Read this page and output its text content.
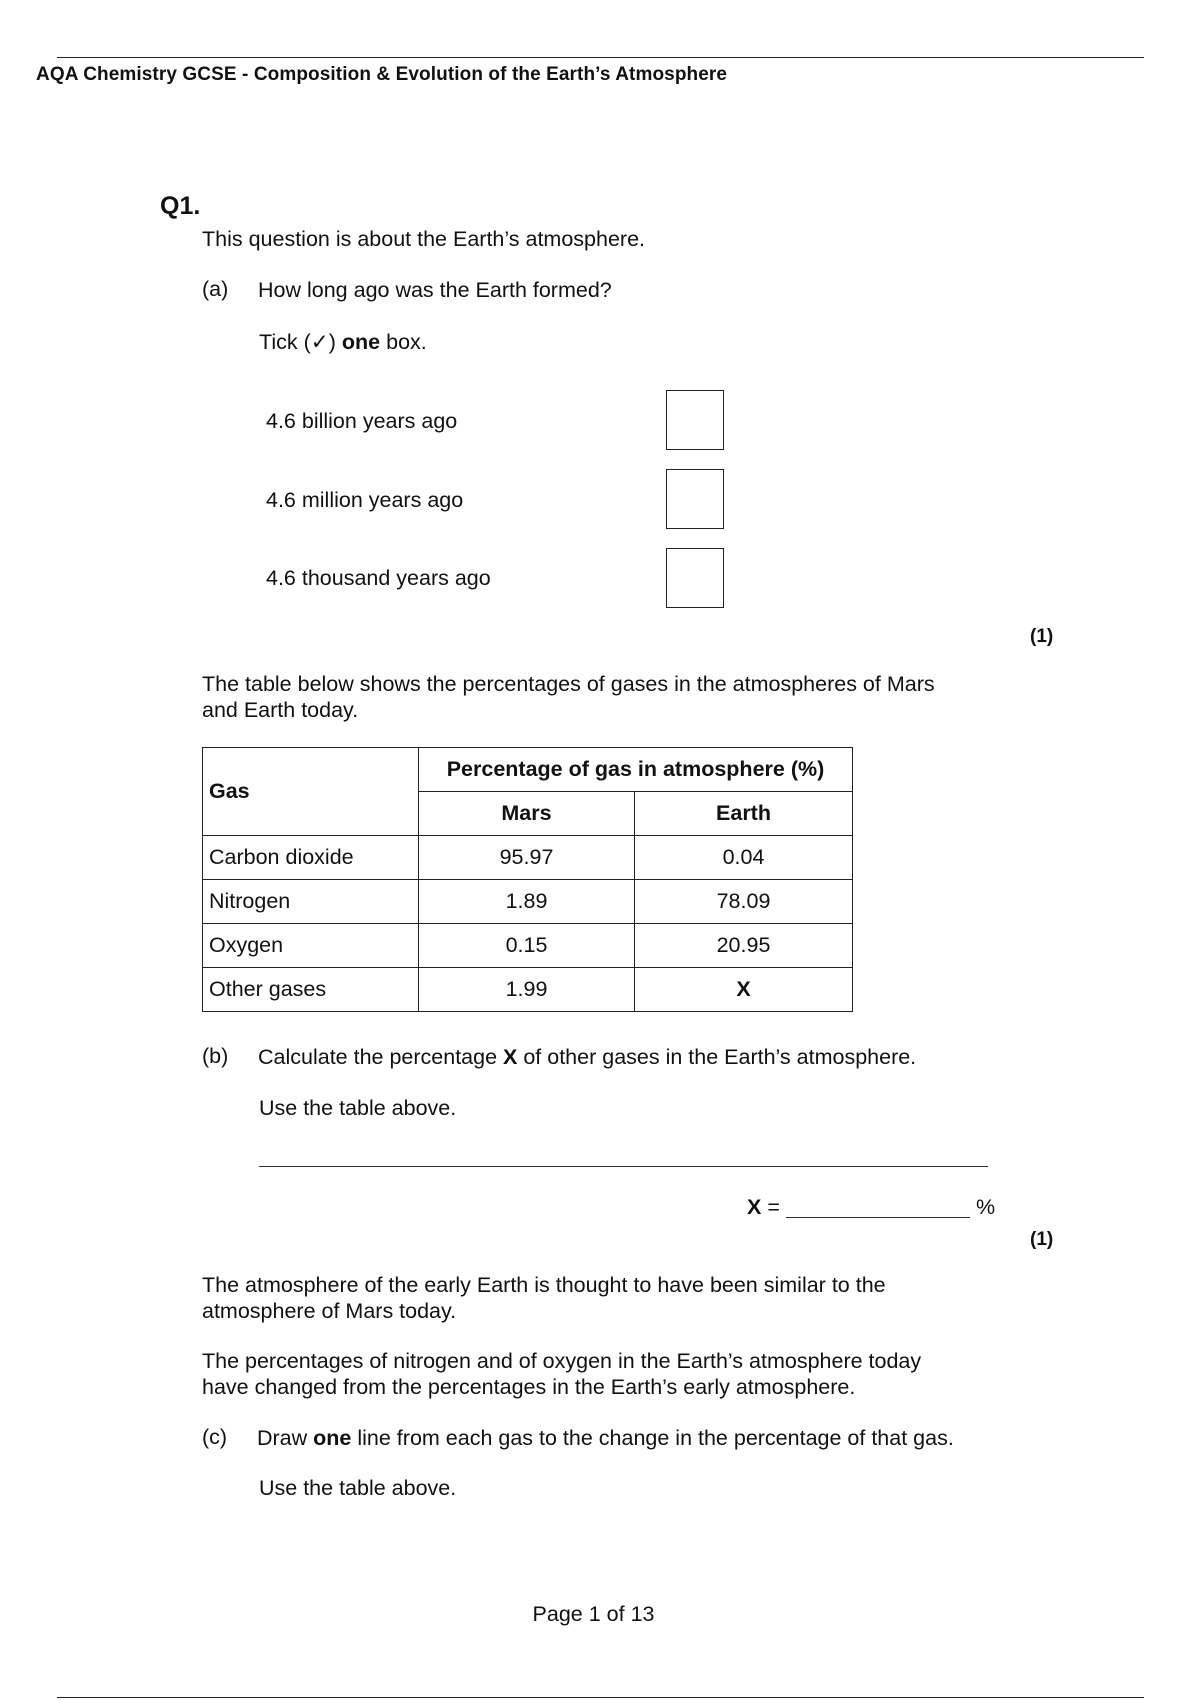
AQA Chemistry GCSE - Composition & Evolution of the Earth’s Atmosphere
Q1.
This question is about the Earth’s atmosphere.
(a) How long ago was the Earth formed?
Tick (✓) one box.
4.6 billion years ago
4.6 million years ago
4.6 thousand years ago
(1)
The table below shows the percentages of gases in the atmospheres of Mars
and Earth today.
Gas	Percentage of gas in atmosphere (%)	
	Mars	Earth
Carbon dioxide	95.97	0.04
Nitrogen	1.89	78.09
Oxygen	0.15	20.95
Other gases	1.99	X
(b) Calculate the percentage X of other gases in the Earth’s atmosphere.
Use the table above.
X =	%
(1)
The atmosphere of the early Earth is thought to have been similar to the
atmosphere of Mars today.
The percentages of nitrogen and of oxygen in the Earth’s atmosphere today
have changed from the percentages in the Earth’s early atmosphere.
(c) Draw one line from each gas to the change in the percentage of that gas.
Use the table above.
Page 1 of 13
